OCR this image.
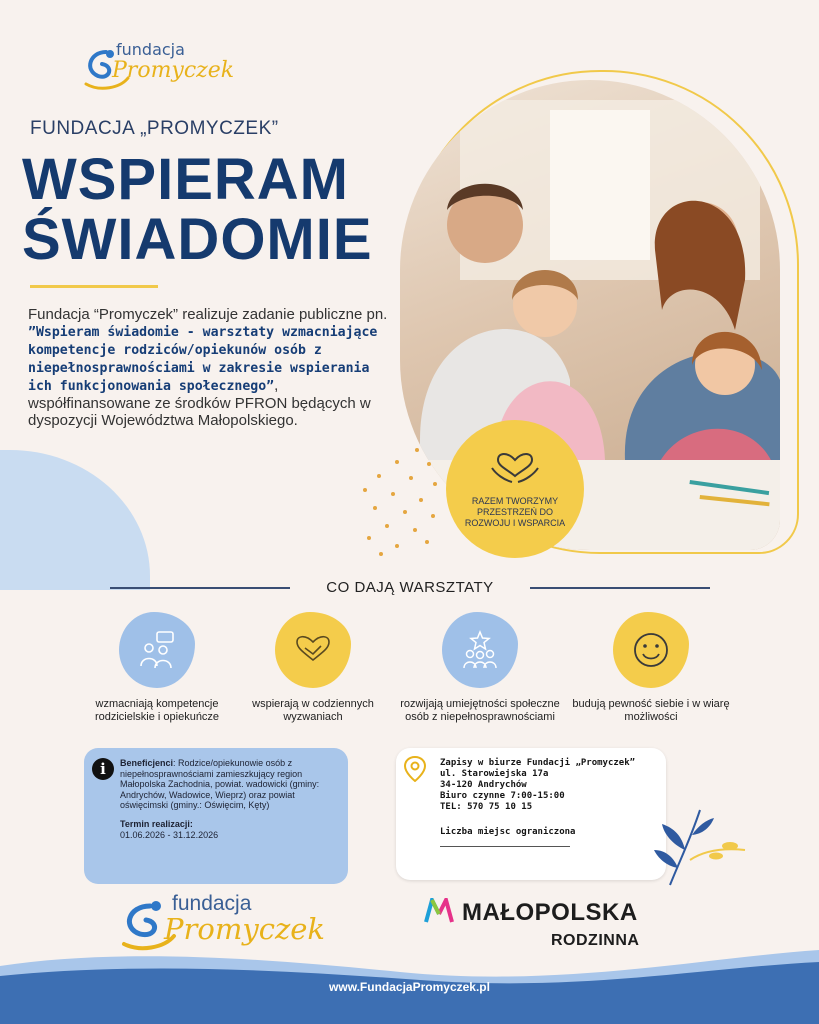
fundacja
Promyczek
FUNDACJA „PROMYCZEK”
WSPIERAM
ŚWIADOMIE
Fundacja “Promyczek” realizuje zadanie publiczne pn. ”Wspieram świadomie - warsztaty wzmacniające kompetencje rodziców/opiekunów osób z niepełnosprawnościami w zakresie wspierania ich funkcjonowania społecznego”, współfinansowane ze środków PFRON będących w dyspozycji Województwa Małopolskiego.
RAZEM TWORZYMY PRZESTRZEŃ DO ROZWOJU I WSPARCIA
CO DAJĄ WARSZTATY
wzmacniają kompetencje rodzicielskie i opiekuńcze
wspierają w codziennych wyzwaniach
rozwijają umiejętności społeczne osób z niepełnosprawnościami
budują pewność siebie i w wiarę możliwości
i	Beneficjenci: Rodzice/opiekunowie osób z niepełnosprawnościami zamieszkujący region Małopolska Zachodnia, powiat. wadowicki (gminy: Andrychów, Wadowice, Wieprz) oraz powiat oświęcimski (gminy.: Oświęcim, Kęty)
Termin realizacji:
01.06.2026 - 31.12.2026
Zapisy w biurze Fundacji „Promyczek”
ul. Starowiejska 17a
34-120 Andrychów
Biuro czynne 7:00-15:00
TEL: 570 75 10 15
Liczba miejsc ograniczona
fundacja
Promyczek	MAŁOPOLSKA
RODZINNA
www.FundacjaPromyczek.pl
